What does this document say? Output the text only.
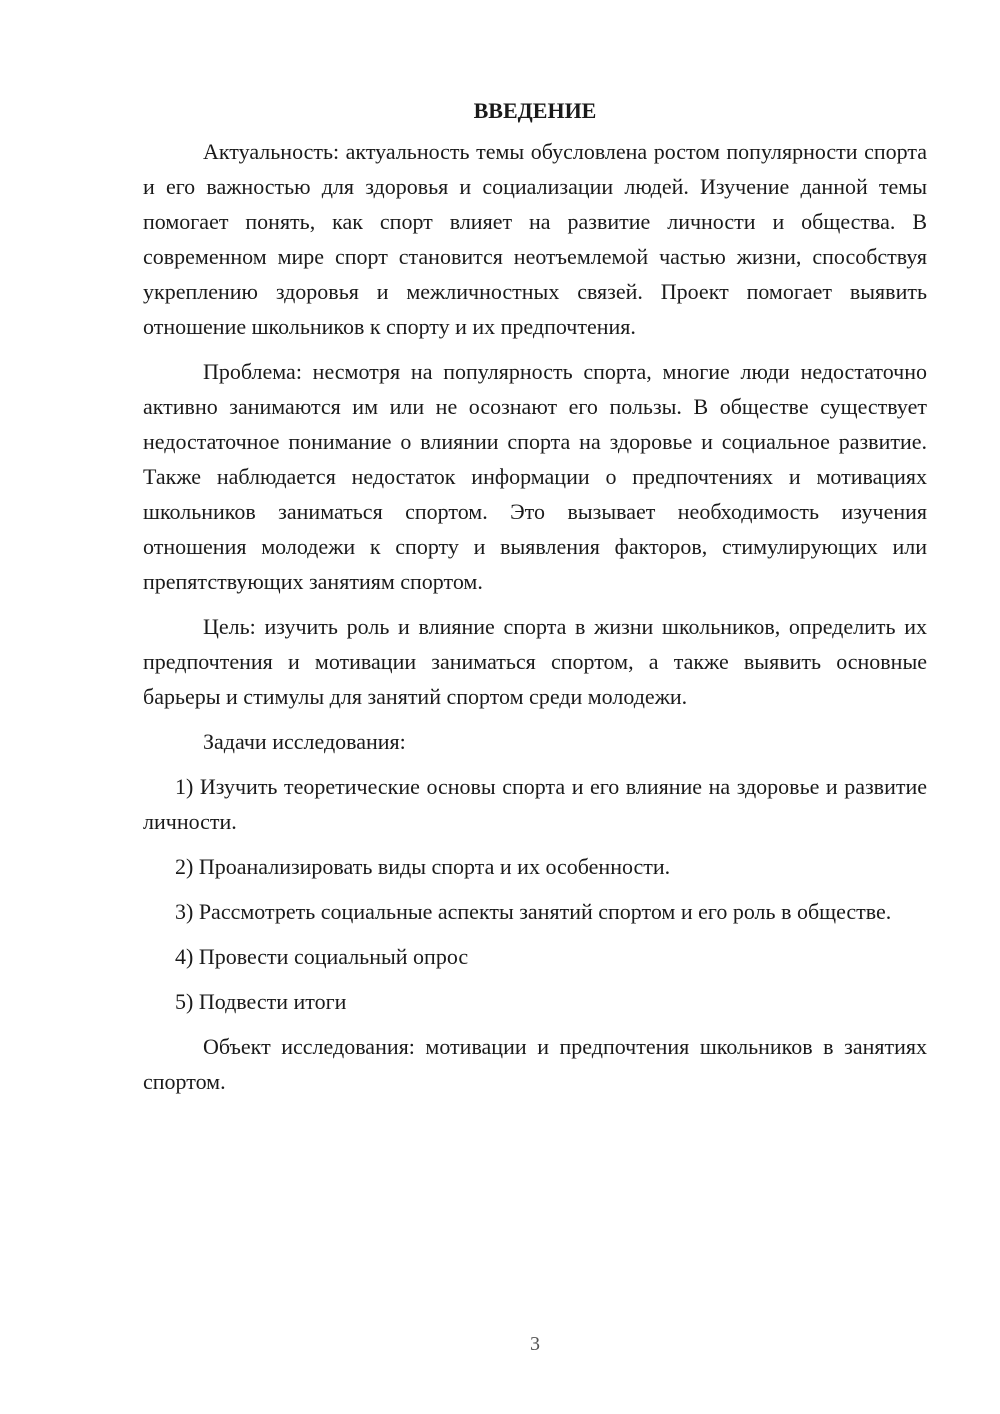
ВВЕДЕНИЕ

Актуальность: актуальность темы обусловлена ростом популярности спорта и его важностью для здоровья и социализации людей. Изучение данной темы помогает понять, как спорт влияет на развитие личности и общества. В современном мире спорт становится неотъемлемой частью жизни, способствуя укреплению здоровья и межличностных связей. Проект помогает выявить отношение школьников к спорту и их предпочтения.

Проблема: несмотря на популярность спорта, многие люди недостаточно активно занимаются им или не осознают его пользы. В обществе существует недостаточное понимание о влиянии спорта на здоровье и социальное развитие. Также наблюдается недостаток информации о предпочтениях и мотивациях школьников заниматься спортом. Это вызывает необходимость изучения отношения молодежи к спорту и выявления факторов, стимулирующих или препятствующих занятиям спортом.

Цель: изучить роль и влияние спорта в жизни школьников, определить их предпочтения и мотивации заниматься спортом, а также выявить основные барьеры и стимулы для занятий спортом среди молодежи.

Задачи исследования:

1) Изучить теоретические основы спорта и его влияние на здоровье и развитие личности.

2) Проанализировать виды спорта и их особенности.

3) Рассмотреть социальные аспекты занятий спортом и его роль в обществе.

4) Провести социальный опрос

5) Подвести итоги

Объект исследования: мотивации и предпочтения школьников в занятиях спортом.

3
